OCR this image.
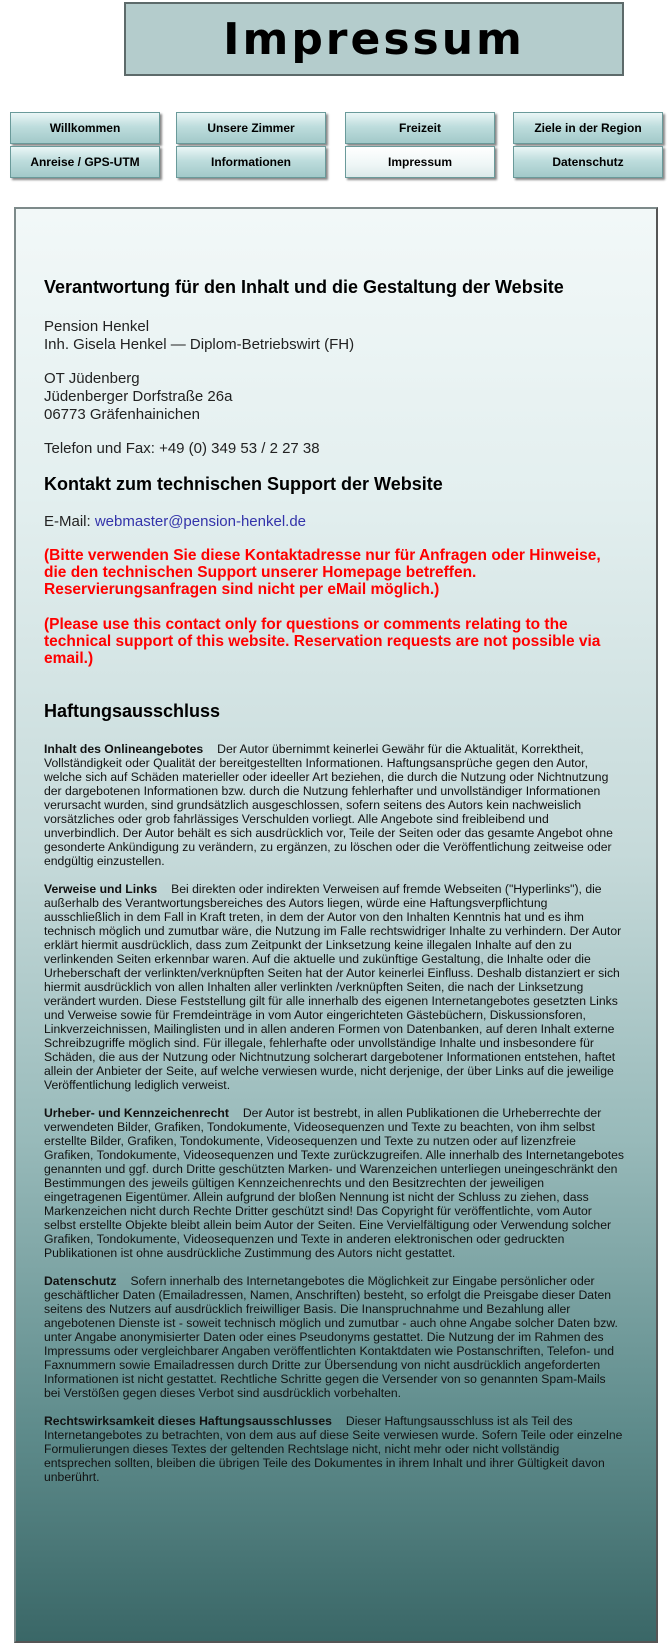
Impressum
Willkommen	Unsere Zimmer	Freizeit	Ziele in der Region
Anreise / GPS-UTM	Informationen	Impressum	Datenschutz
Verantwortung für den Inhalt und die Gestaltung der Website

Pension Henkel

Inh. Gisela Henkel — Diplom-Betriebswirt (FH)

OT Jüdenberg

Jüdenberger Dorfstraße 26a

06773 Gräfenhainichen

Telefon und Fax: +49 (0) 349 53 / 2 27 38

Kontakt zum technischen Support der Website

E-Mail: webmaster@pension-henkel.de

(Bitte verwenden Sie diese Kontaktadresse nur für Anfragen oder Hinweise, die den technischen Support unserer Homepage betreffen. Reservierungsanfragen sind nicht per eMail möglich.)

(Please use this contact only for questions or comments relating to the technical support of this website. Reservation requests are not possible via email.)

Haftungsausschluss

Inhalt des Onlineangebotes Der Autor übernimmt keinerlei Gewähr für die Aktualität, Korrektheit, Vollständigkeit oder Qualität der bereitgestellten Informationen. Haftungsansprüche gegen den Autor, welche sich auf Schäden materieller oder ideeller Art beziehen, die durch die Nutzung oder Nichtnutzung der dargebotenen Informationen bzw. durch die Nutzung fehlerhafter und unvollständiger Informationen verursacht wurden, sind grundsätzlich ausgeschlossen, sofern seitens des Autors kein nachweislich vorsätzliches oder grob fahrlässiges Verschulden vorliegt. Alle Angebote sind freibleibend und unverbindlich. Der Autor behält es sich ausdrücklich vor, Teile der Seiten oder das gesamte Angebot ohne gesonderte Ankündigung zu verändern, zu ergänzen, zu löschen oder die Veröffentlichung zeitweise oder endgültig einzustellen.

Verweise und Links Bei direkten oder indirekten Verweisen auf fremde Webseiten ("Hyperlinks"), die außerhalb des Verantwortungsbereiches des Autors liegen, würde eine Haftungsverpflichtung ausschließlich in dem Fall in Kraft treten, in dem der Autor von den Inhalten Kenntnis hat und es ihm technisch möglich und zumutbar wäre, die Nutzung im Falle rechtswidriger Inhalte zu verhindern. Der Autor erklärt hiermit ausdrücklich, dass zum Zeitpunkt der Linksetzung keine illegalen Inhalte auf den zu verlinkenden Seiten erkennbar waren. Auf die aktuelle und zukünftige Gestaltung, die Inhalte oder die Urheberschaft der verlinkten/verknüpften Seiten hat der Autor keinerlei Einfluss. Deshalb distanziert er sich hiermit ausdrücklich von allen Inhalten aller verlinkten /verknüpften Seiten, die nach der Linksetzung verändert wurden. Diese Feststellung gilt für alle innerhalb des eigenen Internetangebotes gesetzten Links und Verweise sowie für Fremdeinträge in vom Autor eingerichteten Gästebüchern, Diskussionsforen, Linkverzeichnissen, Mailinglisten und in allen anderen Formen von Datenbanken, auf deren Inhalt externe Schreibzugriffe möglich sind. Für illegale, fehlerhafte oder unvollständige Inhalte und insbesondere für Schäden, die aus der Nutzung oder Nichtnutzung solcherart dargebotener Informationen entstehen, haftet allein der Anbieter der Seite, auf welche verwiesen wurde, nicht derjenige, der über Links auf die jeweilige Veröffentlichung lediglich verweist.

Urheber- und Kennzeichenrecht Der Autor ist bestrebt, in allen Publikationen die Urheberrechte der verwendeten Bilder, Grafiken, Tondokumente, Videosequenzen und Texte zu beachten, von ihm selbst erstellte Bilder, Grafiken, Tondokumente, Videosequenzen und Texte zu nutzen oder auf lizenzfreie Grafiken, Tondokumente, Videosequenzen und Texte zurückzugreifen. Alle innerhalb des Internetangebotes genannten und ggf. durch Dritte geschützten Marken- und Warenzeichen unterliegen uneingeschränkt den Bestimmungen des jeweils gültigen Kennzeichenrechts und den Besitzrechten der jeweiligen eingetragenen Eigentümer. Allein aufgrund der bloßen Nennung ist nicht der Schluss zu ziehen, dass Markenzeichen nicht durch Rechte Dritter geschützt sind! Das Copyright für veröffentlichte, vom Autor selbst erstellte Objekte bleibt allein beim Autor der Seiten. Eine Vervielfältigung oder Verwendung solcher Grafiken, Tondokumente, Videosequenzen und Texte in anderen elektronischen oder gedruckten Publikationen ist ohne ausdrückliche Zustimmung des Autors nicht gestattet.

Datenschutz Sofern innerhalb des Internetangebotes die Möglichkeit zur Eingabe persönlicher oder geschäftlicher Daten (Emailadressen, Namen, Anschriften) besteht, so erfolgt die Preisgabe dieser Daten seitens des Nutzers auf ausdrücklich freiwilliger Basis. Die Inanspruchnahme und Bezahlung aller angebotenen Dienste ist - soweit technisch möglich und zumutbar - auch ohne Angabe solcher Daten bzw. unter Angabe anonymisierter Daten oder eines Pseudonyms gestattet. Die Nutzung der im Rahmen des Impressums oder vergleichbarer Angaben veröffentlichten Kontaktdaten wie Postanschriften, Telefon- und Faxnummern sowie Emailadressen durch Dritte zur Übersendung von nicht ausdrücklich angeforderten Informationen ist nicht gestattet. Rechtliche Schritte gegen die Versender von so genannten Spam-Mails bei Verstößen gegen dieses Verbot sind ausdrücklich vorbehalten.

Rechtswirksamkeit dieses Haftungsausschlusses Dieser Haftungsausschluss ist als Teil des Internetangebotes zu betrachten, von dem aus auf diese Seite verwiesen wurde. Sofern Teile oder einzelne Formulierungen dieses Textes der geltenden Rechtslage nicht, nicht mehr oder nicht vollständig entsprechen sollten, bleiben die übrigen Teile des Dokumentes in ihrem Inhalt und ihrer Gültigkeit davon unberührt.
